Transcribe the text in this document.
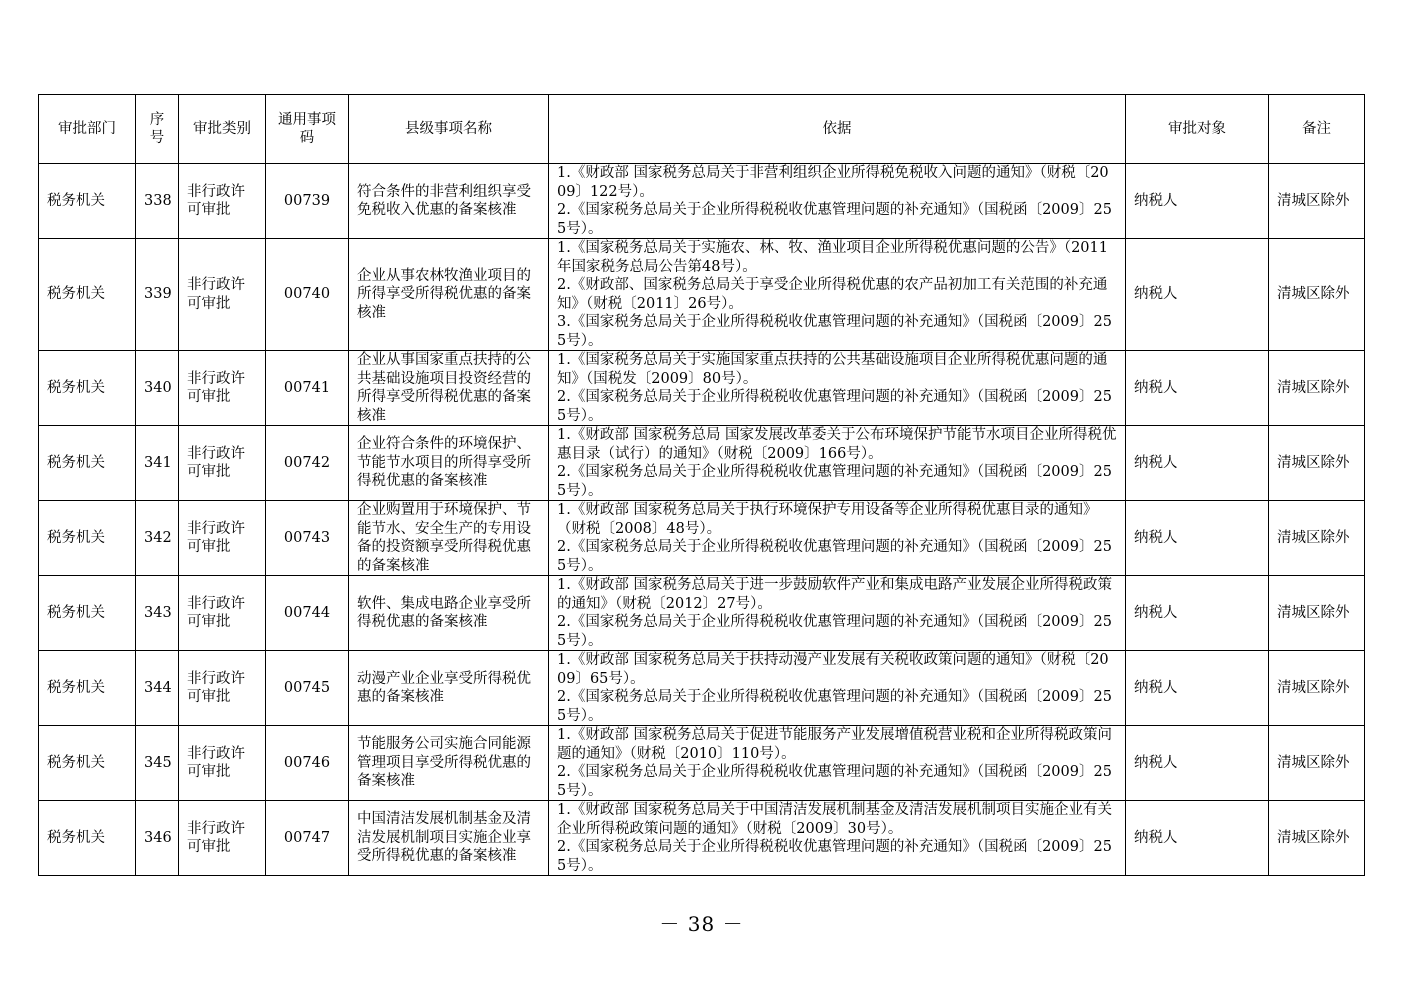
审批部门	序号	审批类别	通用事项码	县级事项名称	依据	审批对象	备注
税务机关	338	非行政许可审批	00739	符合条件的非营利组织享受免税收入优惠的备案核准	1.《财政部 国家税务总局关于非营利组织企业所得税免税收入问题的通知》（财税〔2009〕122号）。
2.《国家税务总局关于企业所得税税收优惠管理问题的补充通知》（国税函〔2009〕255号）。	纳税人	清城区除外
税务机关	339	非行政许可审批	00740	企业从事农林牧渔业项目的所得享受所得税优惠的备案核准	1.《国家税务总局关于实施农、林、牧、渔业项目企业所得税优惠问题的公告》（2011年国家税务总局公告第48号）。
2.《财政部、国家税务总局关于享受企业所得税优惠的农产品初加工有关范围的补充通知》（财税〔2011〕26号）。
3.《国家税务总局关于企业所得税税收优惠管理问题的补充通知》（国税函〔2009〕255号）。	纳税人	清城区除外
税务机关	340	非行政许可审批	00741	企业从事国家重点扶持的公共基础设施项目投资经营的所得享受所得税优惠的备案核准	1.《国家税务总局关于实施国家重点扶持的公共基础设施项目企业所得税优惠问题的通知》（国税发〔2009〕80号）。
2.《国家税务总局关于企业所得税税收优惠管理问题的补充通知》（国税函〔2009〕255号）。	纳税人	清城区除外
税务机关	341	非行政许可审批	00742	企业符合条件的环境保护、节能节水项目的所得享受所得税优惠的备案核准	1.《财政部 国家税务总局 国家发展改革委关于公布环境保护节能节水项目企业所得税优惠目录（试行）的通知》（财税〔2009〕166号）。
2.《国家税务总局关于企业所得税税收优惠管理问题的补充通知》（国税函〔2009〕255号）。	纳税人	清城区除外
税务机关	342	非行政许可审批	00743	企业购置用于环境保护、节能节水、安全生产的专用设备的投资额享受所得税优惠的备案核准	1.《财政部 国家税务总局关于执行环境保护专用设备等企业所得税优惠目录的通知》（财税〔2008〕48号）。
2.《国家税务总局关于企业所得税税收优惠管理问题的补充通知》（国税函〔2009〕255号）。	纳税人	清城区除外
税务机关	343	非行政许可审批	00744	软件、集成电路企业享受所得税优惠的备案核准	1.《财政部 国家税务总局关于进一步鼓励软件产业和集成电路产业发展企业所得税政策的通知》（财税〔2012〕27号）。
2.《国家税务总局关于企业所得税税收优惠管理问题的补充通知》（国税函〔2009〕255号）。	纳税人	清城区除外
税务机关	344	非行政许可审批	00745	动漫产业企业享受所得税优惠的备案核准	1.《财政部 国家税务总局关于扶持动漫产业发展有关税收政策问题的通知》（财税〔2009〕65号）。
2.《国家税务总局关于企业所得税税收优惠管理问题的补充通知》（国税函〔2009〕255号）。	纳税人	清城区除外
税务机关	345	非行政许可审批	00746	节能服务公司实施合同能源管理项目享受所得税优惠的备案核准	1.《财政部 国家税务总局关于促进节能服务产业发展增值税营业税和企业所得税政策问题的通知》（财税〔2010〕110号）。
2.《国家税务总局关于企业所得税税收优惠管理问题的补充通知》（国税函〔2009〕255号）。	纳税人	清城区除外
税务机关	346	非行政许可审批	00747	中国清洁发展机制基金及清洁发展机制项目实施企业享受所得税优惠的备案核准	1.《财政部 国家税务总局关于中国清洁发展机制基金及清洁发展机制项目实施企业有关企业所得税政策问题的通知》（财税〔2009〕30号）。
2.《国家税务总局关于企业所得税税收优惠管理问题的补充通知》（国税函〔2009〕255号）。	纳税人	清城区除外
－ 38 －
